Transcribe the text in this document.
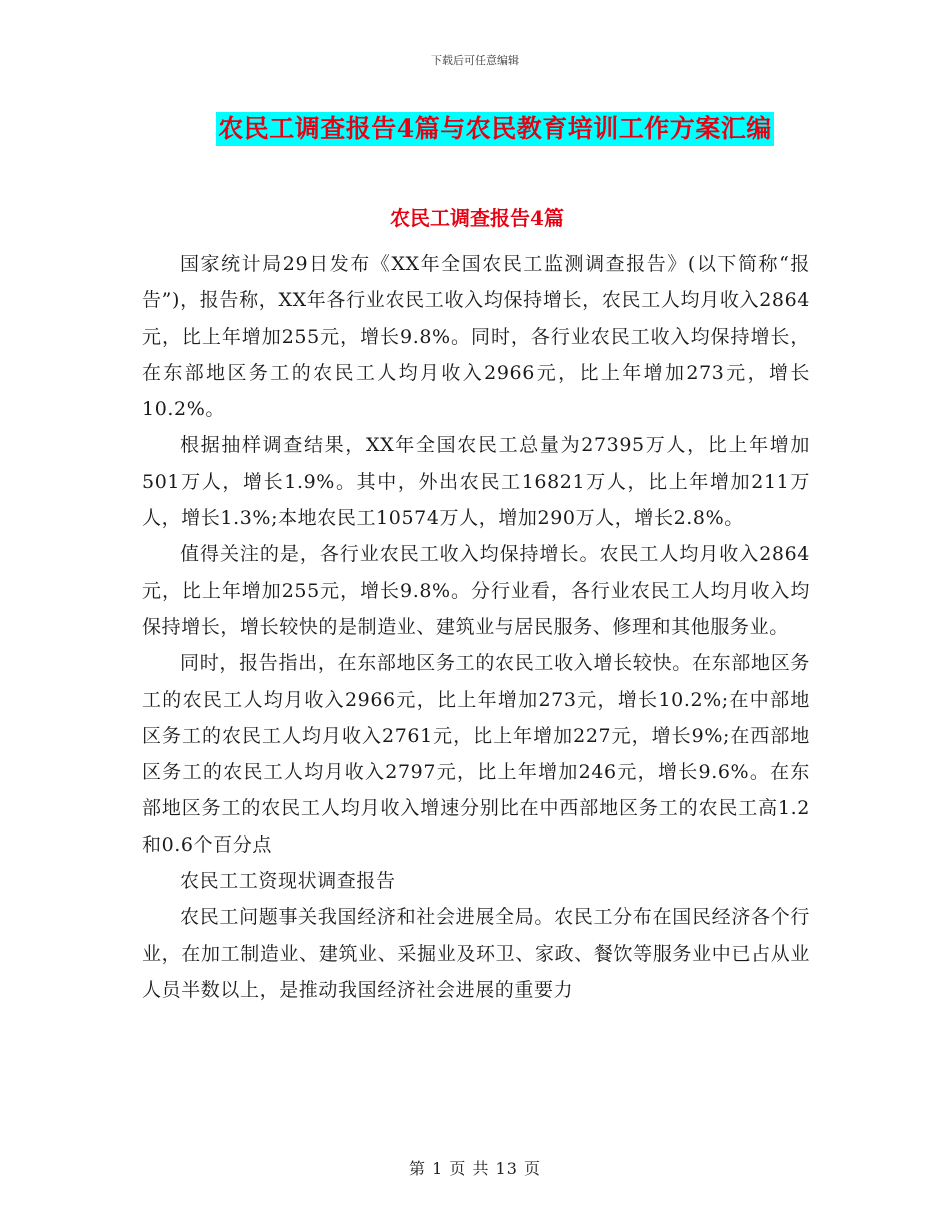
下载后可任意编辑
农民工调查报告4篇与农民教育培训工作方案汇编
农民工调查报告4篇

国家统计局29日发布《XX年全国农民工监测调查报告》(以下简称“报告”)，报告称，XX年各行业农民工收入均保持增长，农民工人均月收入2864元，比上年增加255元，增长9.8%。同时，各行业农民工收入均保持增长，在东部地区务工的农民工人均月收入2966元，比上年增加273元，增长10.2%。

根据抽样调查结果，XX年全国农民工总量为27395万人，比上年增加501万人，增长1.9%。其中，外出农民工16821万人，比上年增加211万人，增长1.3%;本地农民工10574万人，增加290万人，增长2.8%。

值得关注的是，各行业农民工收入均保持增长。农民工人均月收入2864元，比上年增加255元，增长9.8%。分行业看，各行业农民工人均月收入均保持增长，增长较快的是制造业、建筑业与居民服务、修理和其他服务业。

同时，报告指出，在东部地区务工的农民工收入增长较快。在东部地区务工的农民工人均月收入2966元，比上年增加273元，增长10.2%;在中部地区务工的农民工人均月收入2761元，比上年增加227元，增长9%;在西部地区务工的农民工人均月收入2797元，比上年增加246元，增长9.6%。在东部地区务工的农民工人均月收入增速分别比在中西部地区务工的农民工高1.2和0.6个百分点

农民工工资现状调查报告

农民工问题事关我国经济和社会进展全局。农民工分布在国民经济各个行业，在加工制造业、建筑业、采掘业及环卫、家政、餐饮等服务业中已占从业人员半数以上，是推动我国经济社会进展的重要力

第 1 页 共 13 页
